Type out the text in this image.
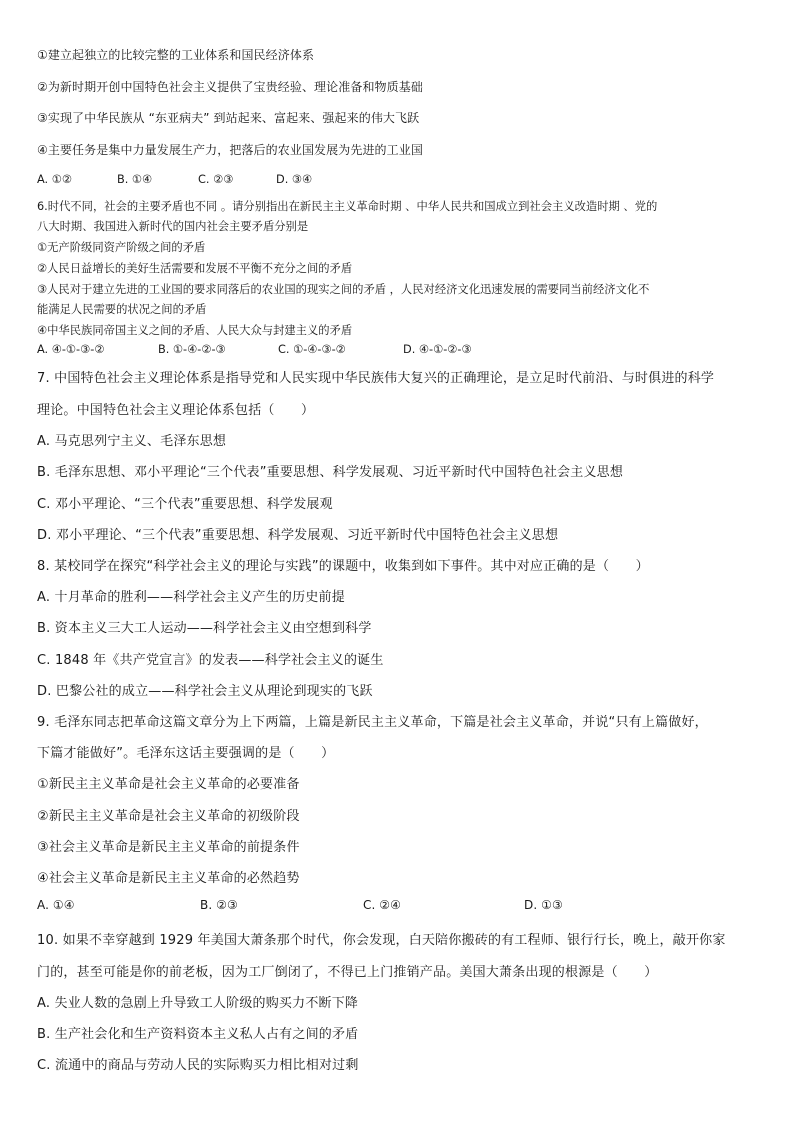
①建立起独立的比较完整的工业体系和国民经济体系
②为新时期开创中国特色社会主义提供了宝贵经验、理论准备和物质基础
③实现了中华民族从 “东亚病夫” 到站起来、富起来、强起来的伟大飞跃
④主要任务是集中力量发展生产力，把落后的农业国发展为先进的工业国
A. ①②	B. ①④	C. ②③	D. ③④
6.时代不同，社会的主要矛盾也不同 。请分别指出在新民主主义革命时期 、中华人民共和国成立到社会主义改造时期 、党的
八大时期、我国进入新时代的国内社会主要矛盾分别是
①无产阶级同资产阶级之间的矛盾
②人民日益增长的美好生活需要和发展不平衡不充分之间的矛盾
③人民对于建立先进的工业国的要求同落后的农业国的现实之间的矛盾 ，人民对经济文化迅速发展的需要同当前经济文化不
能满足人民需要的状况之间的矛盾
④中华民族同帝国主义之间的矛盾、人民大众与封建主义的矛盾
A. ④-①-③-②	B. ①-④-②-③	C. ①-④-③-②	D. ④-①-②-③
7. 中国特色社会主义理论体系是指导党和人民实现中华民族伟大复兴的正确理论，是立足时代前沿、与时俱进的科学
理论。中国特色社会主义理论体系包括（　　）
A. 马克思列宁主义、毛泽东思想
B. 毛泽东思想、邓小平理论“三个代表”重要思想、科学发展观、习近平新时代中国特色社会主义思想
C. 邓小平理论、“三个代表”重要思想、科学发展观
D. 邓小平理论、“三个代表”重要思想、科学发展观、习近平新时代中国特色社会主义思想
8. 某校同学在探究“科学社会主义的理论与实践”的课题中，收集到如下事件。其中对应正确的是（　　）
A. 十月革命的胜利——科学社会主义产生的历史前提
B. 资本主义三大工人运动——科学社会主义由空想到科学
C. 1848 年《共产党宣言》的发表——科学社会主义的诞生
D. 巴黎公社的成立——科学社会主义从理论到现实的飞跃
9. 毛泽东同志把革命这篇文章分为上下两篇，上篇是新民主主义革命，下篇是社会主义革命，并说“只有上篇做好，
下篇才能做好”。毛泽东这话主要强调的是（　　）
①新民主主义革命是社会主义革命的必要准备
②新民主主义革命是社会主义革命的初级阶段
③社会主义革命是新民主主义革命的前提条件
④社会主义革命是新民主主义革命的必然趋势
A. ①④	B. ②③	C. ②④	D. ①③
10. 如果不幸穿越到 1929 年美国大萧条那个时代，你会发现，白天陪你搬砖的有工程师、银行行长，晚上，敲开你家
门的，甚至可能是你的前老板，因为工厂倒闭了，不得已上门推销产品。美国大萧条出现的根源是（　　）
A. 失业人数的急剧上升导致工人阶级的购买力不断下降
B. 生产社会化和生产资料资本主义私人占有之间的矛盾
C. 流通中的商品与劳动人民的实际购买力相比相对过剩
